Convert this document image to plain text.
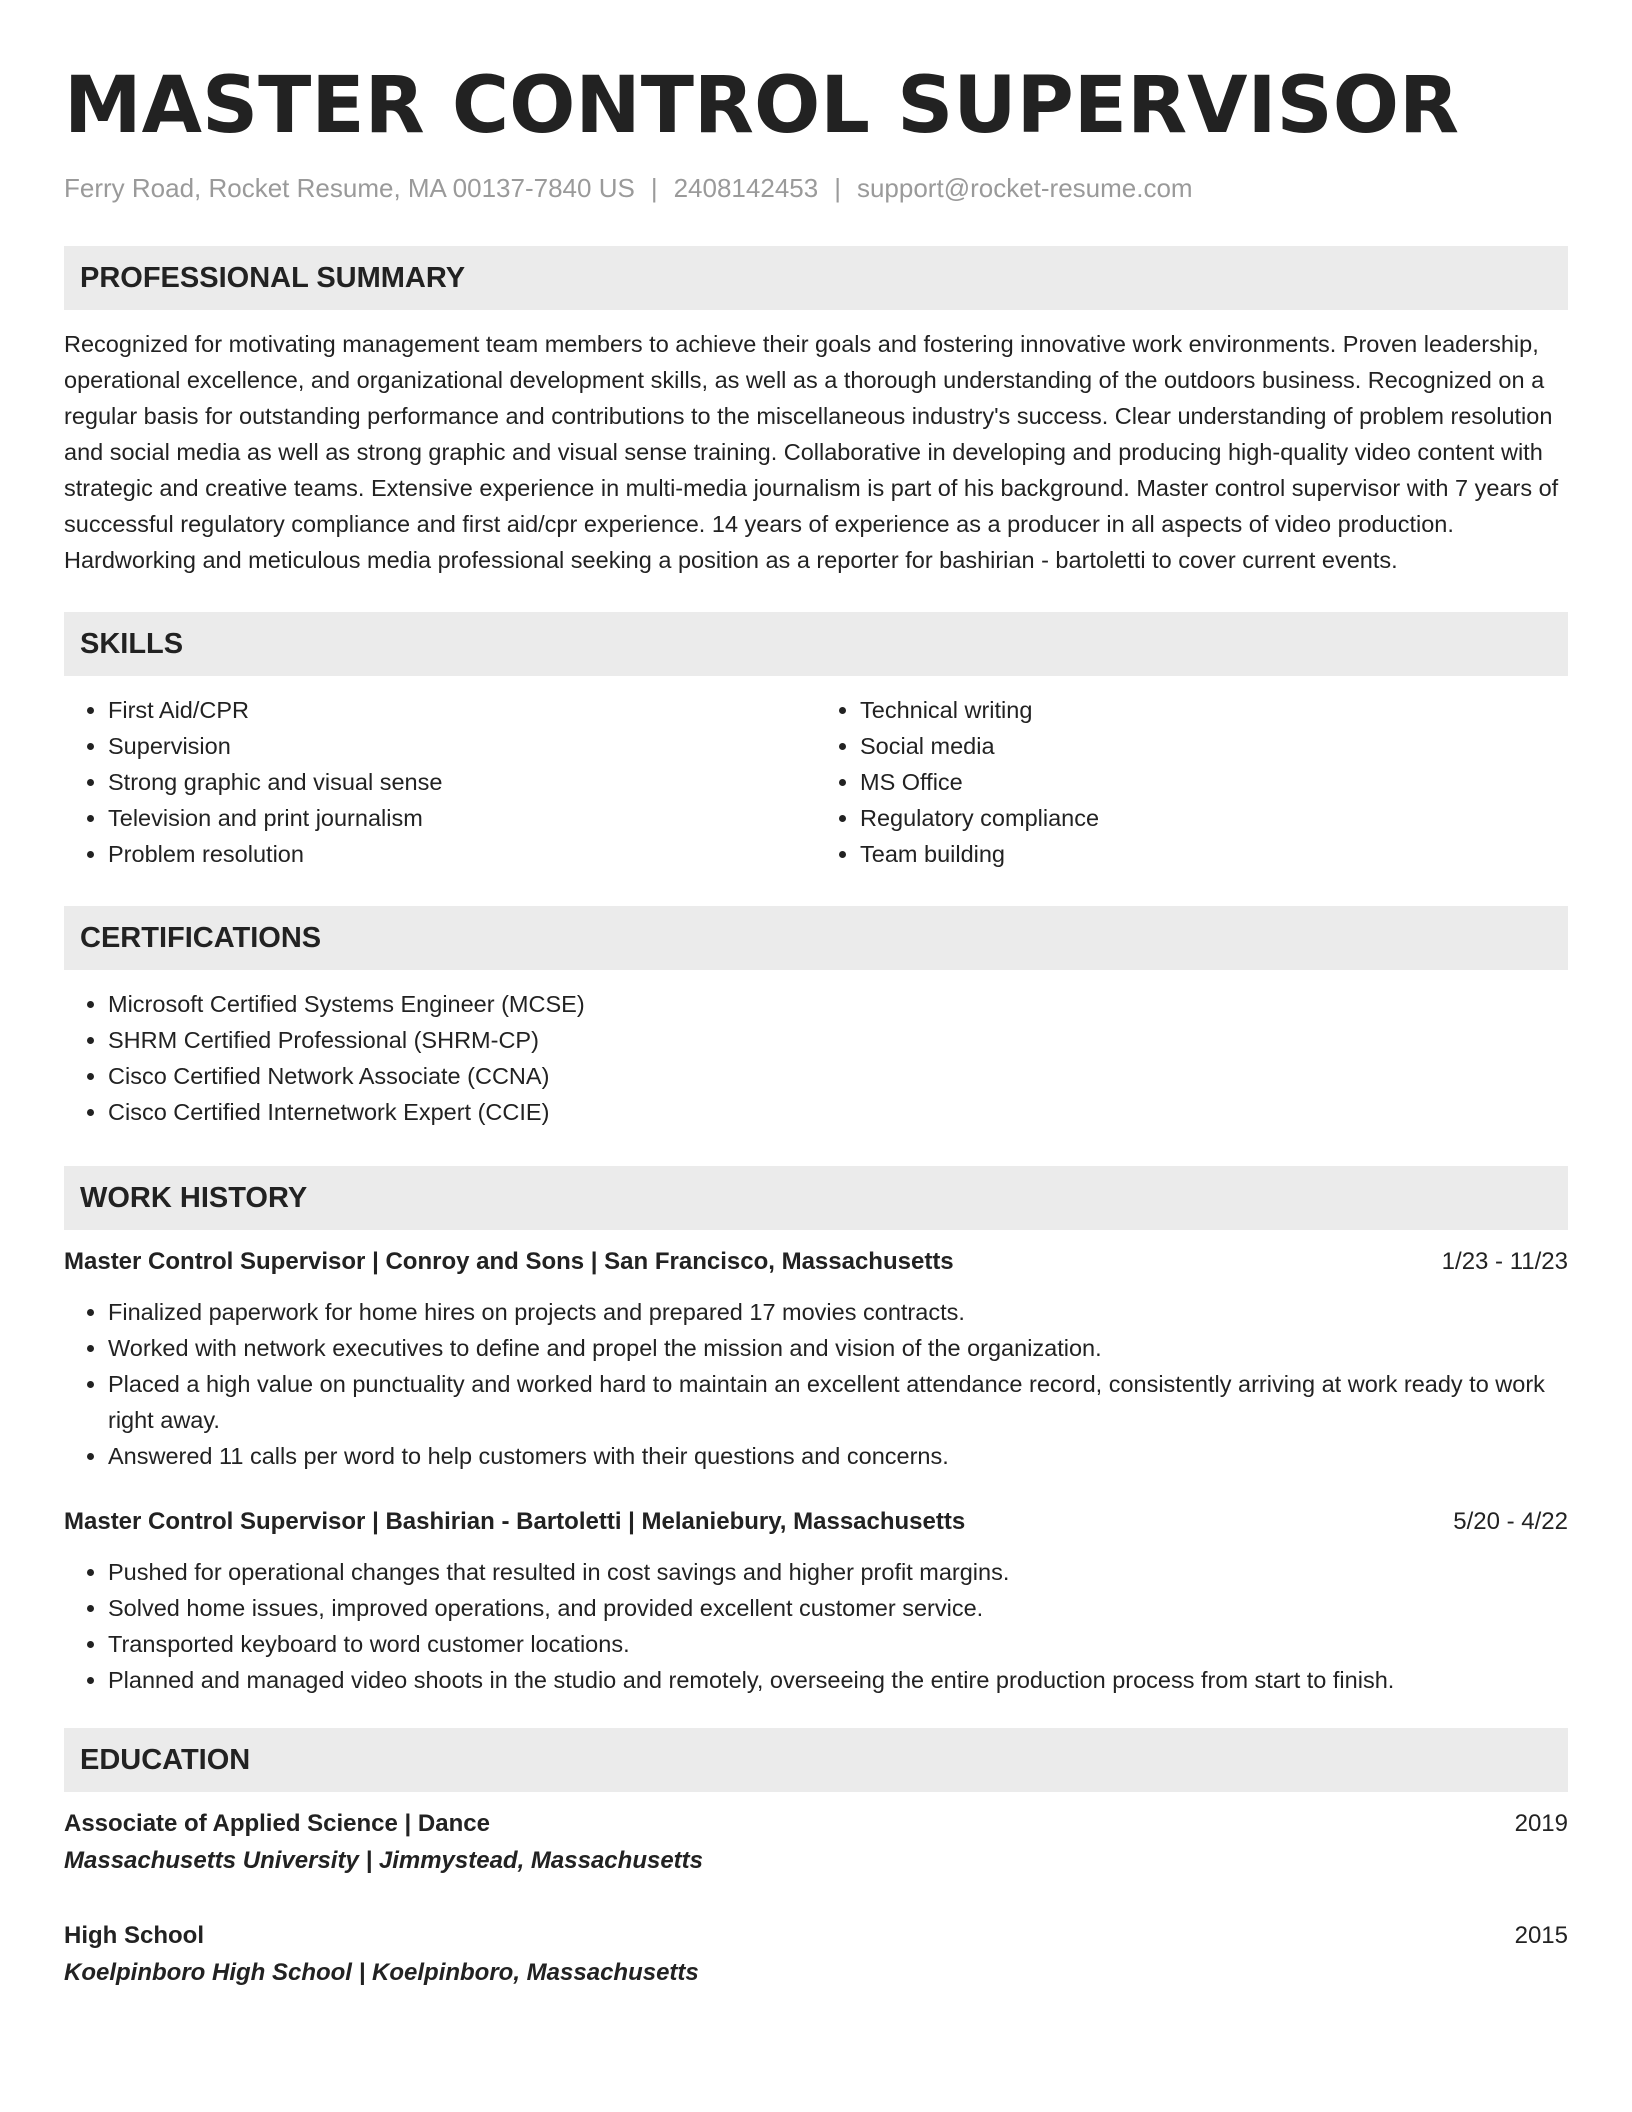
MASTER CONTROL SUPERVISOR
Ferry Road, Rocket Resume, MA 00137-7840 US | 2408142453 | support@rocket-resume.com
PROFESSIONAL SUMMARY
Recognized for motivating management team members to achieve their goals and fostering innovative work environments. Proven leadership, operational excellence, and organizational development skills, as well as a thorough understanding of the outdoors business. Recognized on a regular basis for outstanding performance and contributions to the miscellaneous industry's success. Clear understanding of problem resolution and social media as well as strong graphic and visual sense training. Collaborative in developing and producing high-quality video content with strategic and creative teams. Extensive experience in multi-media journalism is part of his background. Master control supervisor with 7 years of successful regulatory compliance and first aid/cpr experience. 14 years of experience as a producer in all aspects of video production. Hardworking and meticulous media professional seeking a position as a reporter for bashirian - bartoletti to cover current events.
SKILLS
• First Aid/CPR
• Supervision
• Strong graphic and visual sense
• Television and print journalism
• Problem resolution
• Technical writing
• Social media
• MS Office
• Regulatory compliance
• Team building
CERTIFICATIONS
• Microsoft Certified Systems Engineer (MCSE)
• SHRM Certified Professional (SHRM-CP)
• Cisco Certified Network Associate (CCNA)
• Cisco Certified Internetwork Expert (CCIE)
WORK HISTORY
Master Control Supervisor | Conroy and Sons | San Francisco, Massachusetts	1/23 - 11/23
• Finalized paperwork for home hires on projects and prepared 17 movies contracts.
• Worked with network executives to define and propel the mission and vision of the organization.
• Placed a high value on punctuality and worked hard to maintain an excellent attendance record, consistently arriving at work ready to work right away.
• Answered 11 calls per word to help customers with their questions and concerns.
Master Control Supervisor | Bashirian - Bartoletti | Melaniebury, Massachusetts	5/20 - 4/22
• Pushed for operational changes that resulted in cost savings and higher profit margins.
• Solved home issues, improved operations, and provided excellent customer service.
• Transported keyboard to word customer locations.
• Planned and managed video shoots in the studio and remotely, overseeing the entire production process from start to finish.
EDUCATION
Associate of Applied Science | Dance	2019
Massachusetts University | Jimmystead, Massachusetts
High School	2015
Koelpinboro High School | Koelpinboro, Massachusetts
